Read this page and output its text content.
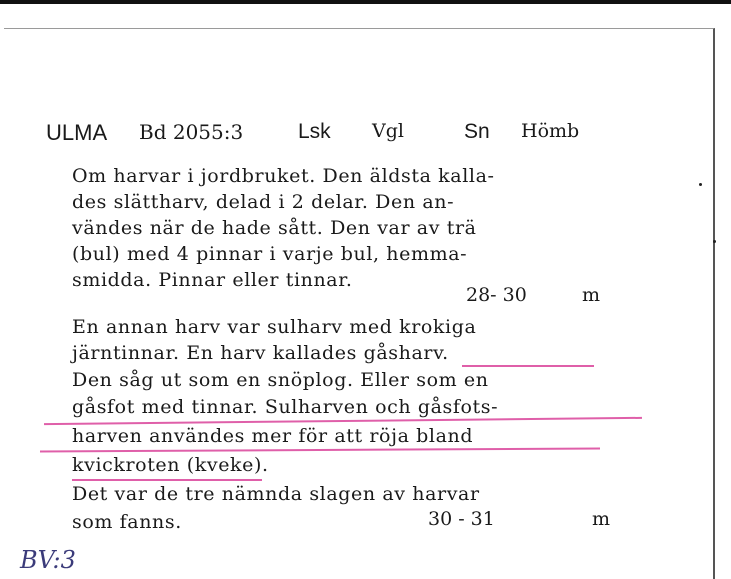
ULMA Bd 2055:3	Lsk Vgl	Sn Hömb
Om harvar i jordbruket. Den äldsta kalla-
des slättharv, delad i 2 delar. Den an-
vändes när de hade sått. Den var av trä
(bul) med 4 pinnar i varje bul, hemma-
smidda. Pinnar eller tinnar.
28- 30	m
En annan harv var sulharv med krokiga
järntinnar. En harv kallades gåsharv.
Den såg ut som en snöplog. Eller som en
gåsfot med tinnar. Sulharven och gåsfots-
harven användes mer för att röja bland
kvickroten (kveke).
Det var de tre nämnda slagen av harvar
som fanns.	30 - 31	m
BV:3
